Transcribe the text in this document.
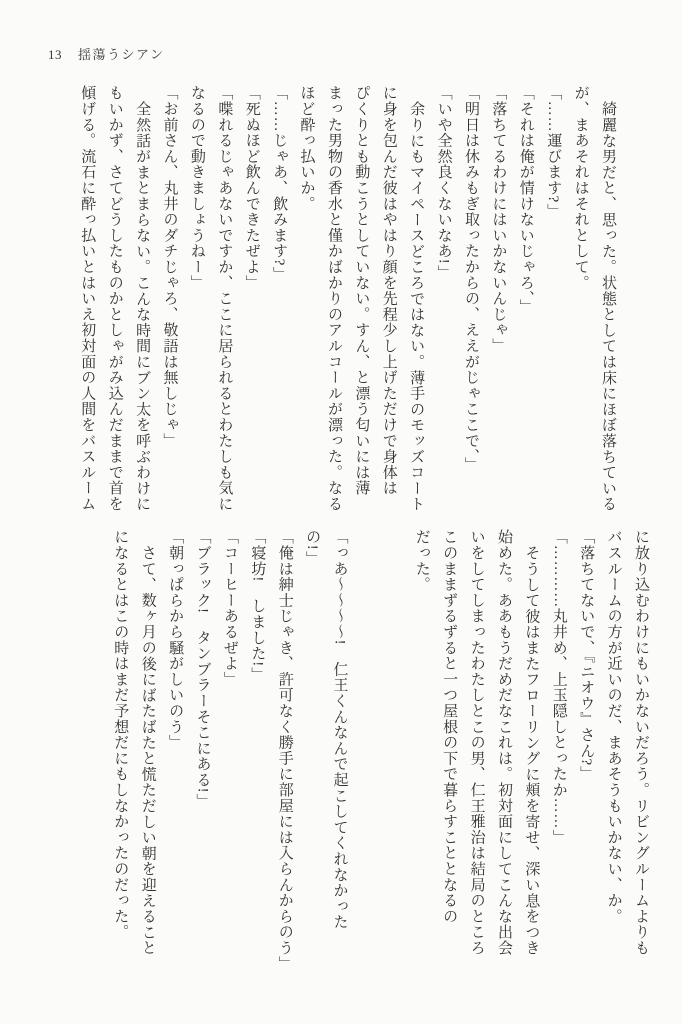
13 揺蕩うシアン

綺麗な男だと、思った。状態としては床にほぼ落ちている

が、まあそれはそれとして。

「……運びます?」

「それは俺が情けないじゃろ、」

「落ちてるわけにはいかないんじゃ」

「明日は休みもぎ取ったからの、ええがじゃここで、」

「いや全然良くないなあ!」

余りにもマイペースどころではない。薄手のモッズコート

に身を包んだ彼はやはり顔を先程少し上げただけで身体は

ぴくりとも動こうとしていない。すん、と漂う匂いには薄

まった男物の香水と僅かばかりのアルコールが漂った。なる

ほど酔っ払いか。

「……じゃあ、飲みます?」

「死ぬほど飲んできたぜよ」

「喋れるじゃあないですか、ここに居られるとわたしも気に

なるので動きましょうねー」

「お前さん、丸井のダチじゃろ、敬語は無しじゃ」

全然話がまとまらない。こんな時間にブン太を呼ぶわけに

もいかず、さてどうしたものかとしゃがみ込んだままで首を

傾げる。流石に酔っ払いとはいえ初対面の人間をバスルーム

に放り込むわけにもいかないだろう。リビングルームよりも

バスルームの方が近いのだ、まあそうもいかない、か。

「落ちてないで、『ニオウ』さん?」

「…………丸井め、上玉隠しとったか……」

そうして彼はまたフローリングに頬を寄せ、深い息をつき

始めた。ああもうだめだなこれは。初対面にしてこんな出会

いをしてしまったわたしとこの男、仁王雅治は結局のところ

このままずるずると一つ屋根の下で暮らすこととなるの

だった。

「っあ〜〜〜〜!　仁王くんなんで起こしてくれなかった

の!」

「俺は紳士じゃき、許可なく勝手に部屋には入らんからのう」

「寝坊!　しました!」

「コーヒーあるぜよ」

「ブラック!　タンブラーそこにある!」

「朝っぱらから騒がしいのう」

さて、数ヶ月の後にばたばたと慌ただしい朝を迎えること

になるとはこの時はまだ予想だにもしなかったのだった。
